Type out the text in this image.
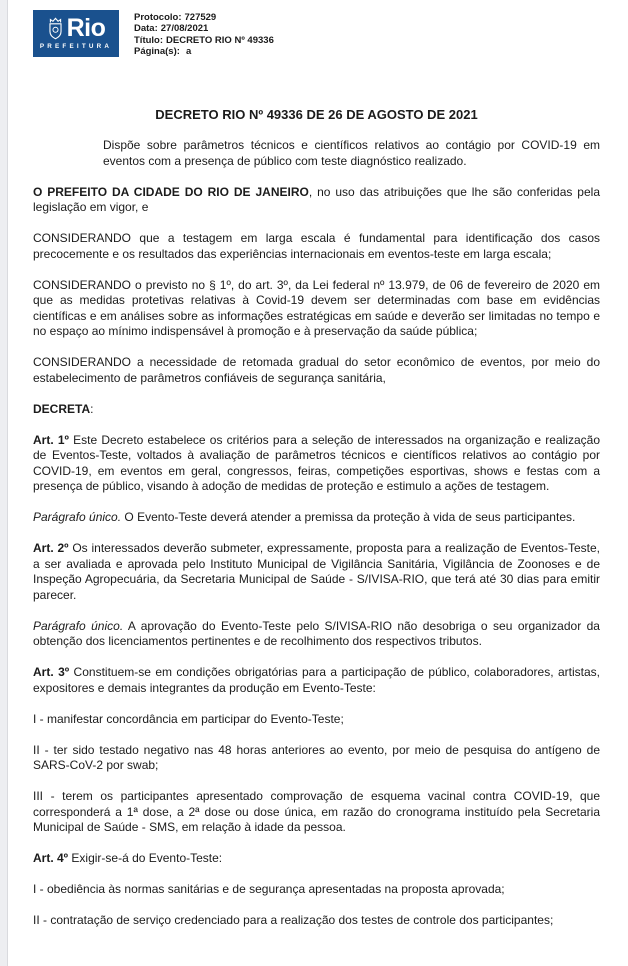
Rio
PREFEITURA
Protocolo: 727529
Data: 27/08/2021
Título: DECRETO RIO Nº 49336
Página(s): a
DECRETO RIO Nº 49336 DE 26 DE AGOSTO DE 2021

Dispõe sobre parâmetros técnicos e científicos relativos ao contágio por COVID-19 em eventos com a presença de público com teste diagnóstico realizado.

O PREFEITO DA CIDADE DO RIO DE JANEIRO, no uso das atribuições que lhe são conferidas pela legislação em vigor, e

CONSIDERANDO que a testagem em larga escala é fundamental para identificação dos casos precocemente e os resultados das experiências internacionais em eventos-teste em larga escala;

CONSIDERANDO o previsto no § 1º, do art. 3º, da Lei federal nº 13.979, de 06 de fevereiro de 2020 em que as medidas protetivas relativas à Covid-19 devem ser determinadas com base em evidências científicas e em análises sobre as informações estratégicas em saúde e deverão ser limitadas no tempo e no espaço ao mínimo indispensável à promoção e à preservação da saúde pública;

CONSIDERANDO a necessidade de retomada gradual do setor econômico de eventos, por meio do estabelecimento de parâmetros confiáveis de segurança sanitária,

DECRETA:

Art. 1º Este Decreto estabelece os critérios para a seleção de interessados na organização e realização de Eventos-Teste, voltados à avaliação de parâmetros técnicos e científicos relativos ao contágio por COVID-19, em eventos em geral, congressos, feiras, competições esportivas, shows e festas com a presença de público, visando à adoção de medidas de proteção e estimulo a ações de testagem.

Parágrafo único. O Evento-Teste deverá atender a premissa da proteção à vida de seus participantes.

Art. 2º Os interessados deverão submeter, expressamente, proposta para a realização de Eventos-Teste, a ser avaliada e aprovada pelo Instituto Municipal de Vigilância Sanitária, Vigilância de Zoonoses e de Inspeção Agropecuária, da Secretaria Municipal de Saúde - S/IVISA-RIO, que terá até 30 dias para emitir parecer.

Parágrafo único. A aprovação do Evento-Teste pelo S/IVISA-RIO não desobriga o seu organizador da obtenção dos licenciamentos pertinentes e de recolhimento dos respectivos tributos.

Art. 3º Constituem-se em condições obrigatórias para a participação de público, colaboradores, artistas, expositores e demais integrantes da produção em Evento-Teste:

I - manifestar concordância em participar do Evento-Teste;

II - ter sido testado negativo nas 48 horas anteriores ao evento, por meio de pesquisa do antígeno de SARS-CoV-2 por swab;

III - terem os participantes apresentado comprovação de esquema vacinal contra COVID-19, que corresponderá a 1ª dose, a 2ª dose ou dose única, em razão do cronograma instituído pela Secretaria Municipal de Saúde - SMS, em relação à idade da pessoa.

Art. 4º Exigir-se-á do Evento-Teste:

I - obediência às normas sanitárias e de segurança apresentadas na proposta aprovada;

II - contratação de serviço credenciado para a realização dos testes de controle dos participantes;
